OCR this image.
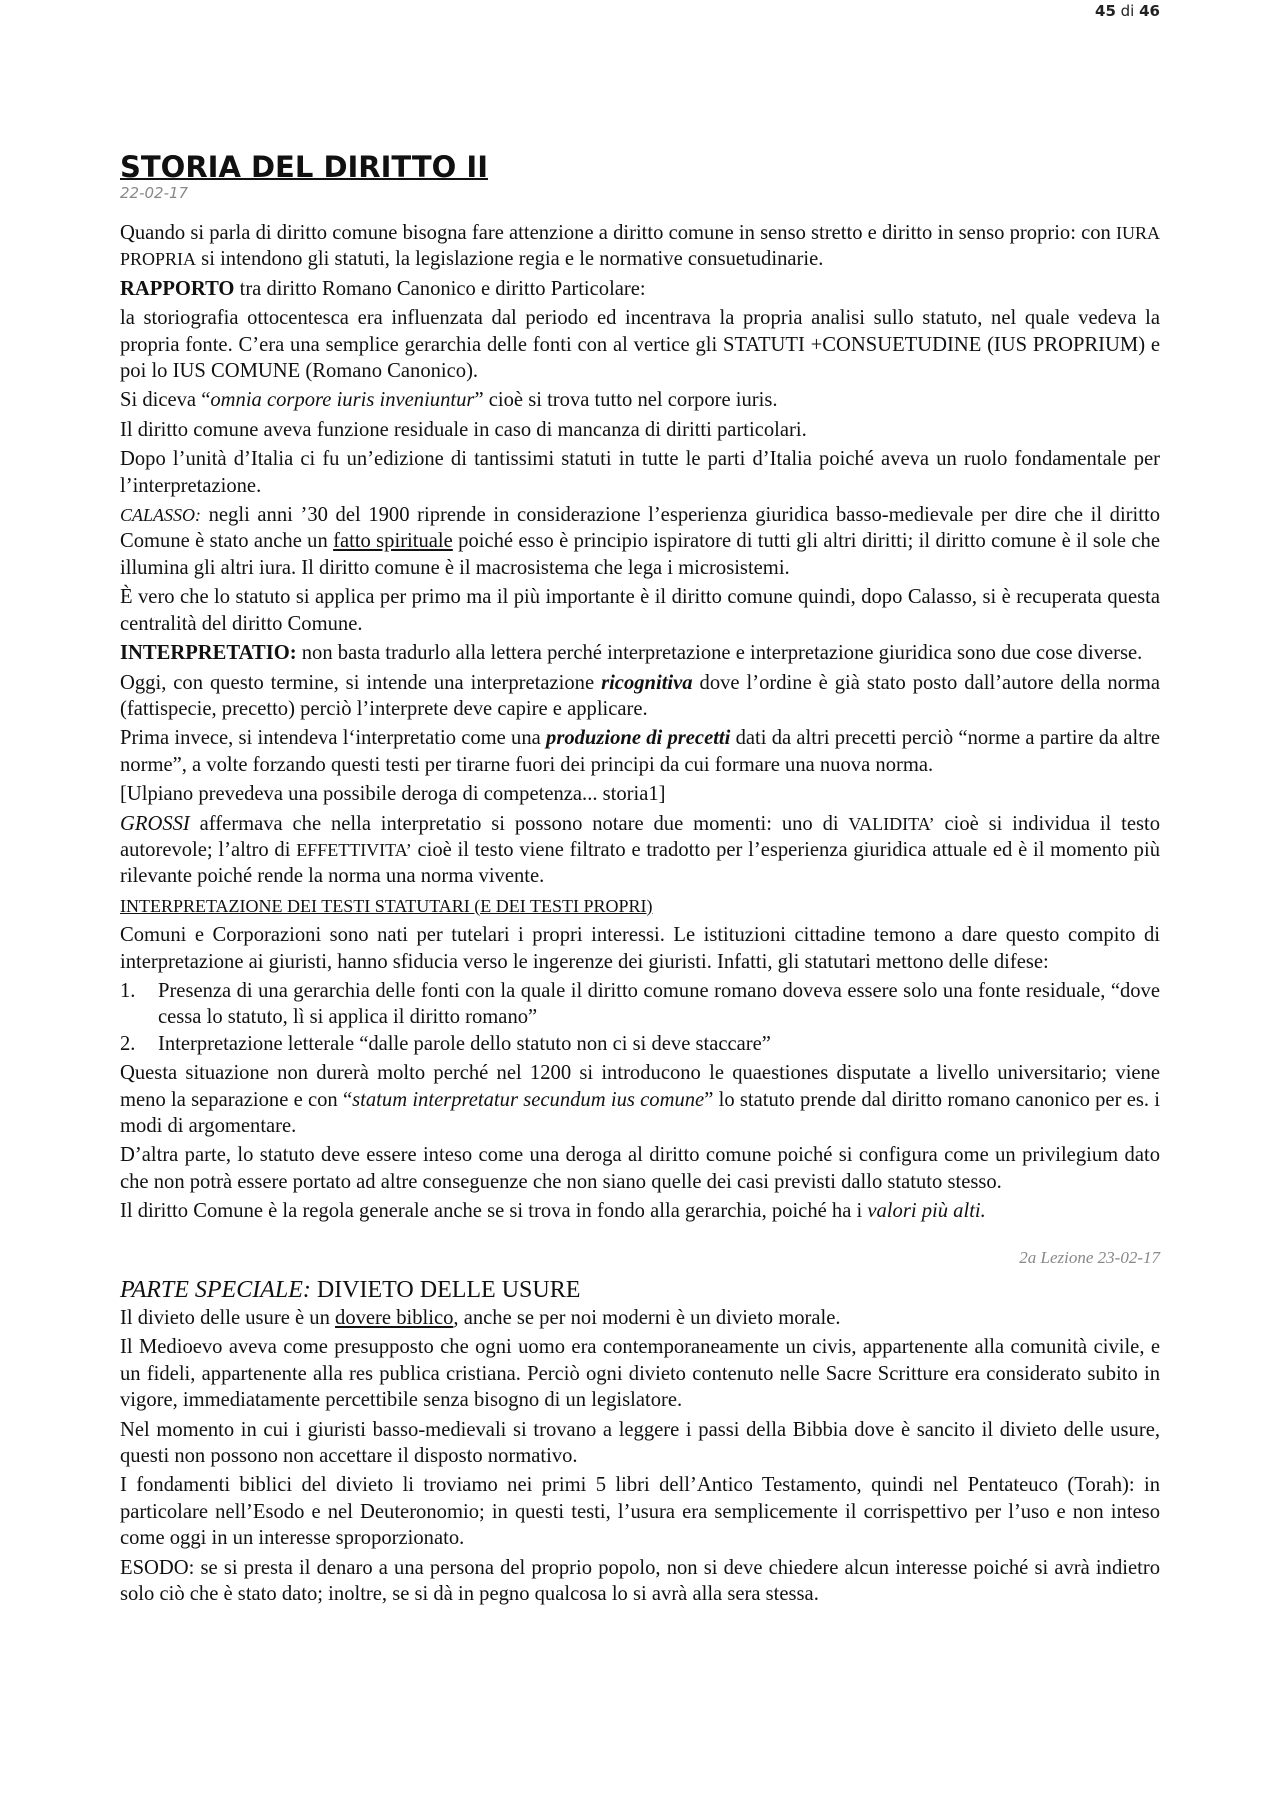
45 di 46
STORIA DEL DIRITTO II
22-02-17

Quando si parla di diritto comune bisogna fare attenzione a diritto comune in senso stretto e diritto in senso proprio: con IURA PROPRIA si intendono gli statuti, la legislazione regia e le normative consuetudinarie.

RAPPORTO tra diritto Romano Canonico e diritto Particolare:

la storiografia ottocentesca era influenzata dal periodo ed incentrava la propria analisi sullo statuto, nel quale vedeva la propria fonte. C’era una semplice gerarchia delle fonti con al vertice gli STATUTI +CONSUETUDINE (IUS PROPRIUM) e poi lo IUS COMUNE (Romano Canonico).

Si diceva “omnia corpore iuris inveniuntur” cioè si trova tutto nel corpore iuris.

Il diritto comune aveva funzione residuale in caso di mancanza di diritti particolari.

Dopo l’unità d’Italia ci fu un’edizione di tantissimi statuti in tutte le parti d’Italia poiché aveva un ruolo fondamentale per l’interpretazione.

CALASSO: negli anni ’30 del 1900 riprende in considerazione l’esperienza giuridica basso-medievale per dire che il diritto Comune è stato anche un fatto spirituale poiché esso è principio ispiratore di tutti gli altri diritti; il diritto comune è il sole che illumina gli altri iura. Il diritto comune è il macrosistema che lega i microsistemi.

È vero che lo statuto si applica per primo ma il più importante è il diritto comune quindi, dopo Calasso, si è recuperata questa centralità del diritto Comune.

INTERPRETATIO: non basta tradurlo alla lettera perché interpretazione e interpretazione giuridica sono due cose diverse.

Oggi, con questo termine, si intende una interpretazione ricognitiva dove l’ordine è già stato posto dall’autore della norma (fattispecie, precetto) perciò l’interprete deve capire e applicare.

Prima invece, si intendeva l‘interpretatio come una produzione di precetti dati da altri precetti perciò “norme a partire da altre norme”, a volte forzando questi testi per tirarne fuori dei principi da cui formare una nuova norma.

[Ulpiano prevedeva una possibile deroga di competenza... storia1]

GROSSI affermava che nella interpretatio si possono notare due momenti: uno di VALIDITA’ cioè si individua il testo autorevole; l’altro di EFFETTIVITA’ cioè il testo viene filtrato e tradotto per l’esperienza giuridica attuale ed è il momento più rilevante poiché rende la norma una norma vivente.

INTERPRETAZIONE DEI TESTI STATUTARI (E DEI TESTI PROPRI)

Comuni e Corporazioni sono nati per tutelari i propri interessi. Le istituzioni cittadine temono a dare questo compito di interpretazione ai giuristi, hanno sfiducia verso le ingerenze dei giuristi. Infatti, gli statutari mettono delle difese:

1.	Presenza di una gerarchia delle fonti con la quale il diritto comune romano doveva essere solo una fonte residuale, “dove cessa lo statuto, lì si applica il diritto romano”
2.	Interpretazione letterale “dalle parole dello statuto non ci si deve staccare”

Questa situazione non durerà molto perché nel 1200 si introducono le quaestiones disputate a livello universitario; viene meno la separazione e con “statum interpretatur secundum ius comune” lo statuto prende dal diritto romano canonico per es. i modi di argomentare.

D’altra parte, lo statuto deve essere inteso come una deroga al diritto comune poiché si configura come un privilegium dato che non potrà essere portato ad altre conseguenze che non siano quelle dei casi previsti dallo statuto stesso.

Il diritto Comune è la regola generale anche se si trova in fondo alla gerarchia, poiché ha i valori più alti.

2a Lezione 23-02-17

PARTE SPECIALE: DIVIETO DELLE USURE

Il divieto delle usure è un dovere biblico, anche se per noi moderni è un divieto morale.

Il Medioevo aveva come presupposto che ogni uomo era contemporaneamente un civis, appartenente alla comunità civile, e un fideli, appartenente alla res publica cristiana. Perciò ogni divieto contenuto nelle Sacre Scritture era considerato subito in vigore, immediatamente percettibile senza bisogno di un legislatore.

Nel momento in cui i giuristi basso-medievali si trovano a leggere i passi della Bibbia dove è sancito il divieto delle usure, questi non possono non accettare il disposto normativo.

I fondamenti biblici del divieto li troviamo nei primi 5 libri dell’Antico Testamento, quindi nel Pentateuco (Torah): in particolare nell’Esodo e nel Deuteronomio; in questi testi, l’usura era semplicemente il corrispettivo per l’uso e non inteso come oggi in un interesse sproporzionato.

ESODO: se si presta il denaro a una persona del proprio popolo, non si deve chiedere alcun interesse poiché si avrà indietro solo ciò che è stato dato; inoltre, se si dà in pegno qualcosa lo si avrà alla sera stessa.
